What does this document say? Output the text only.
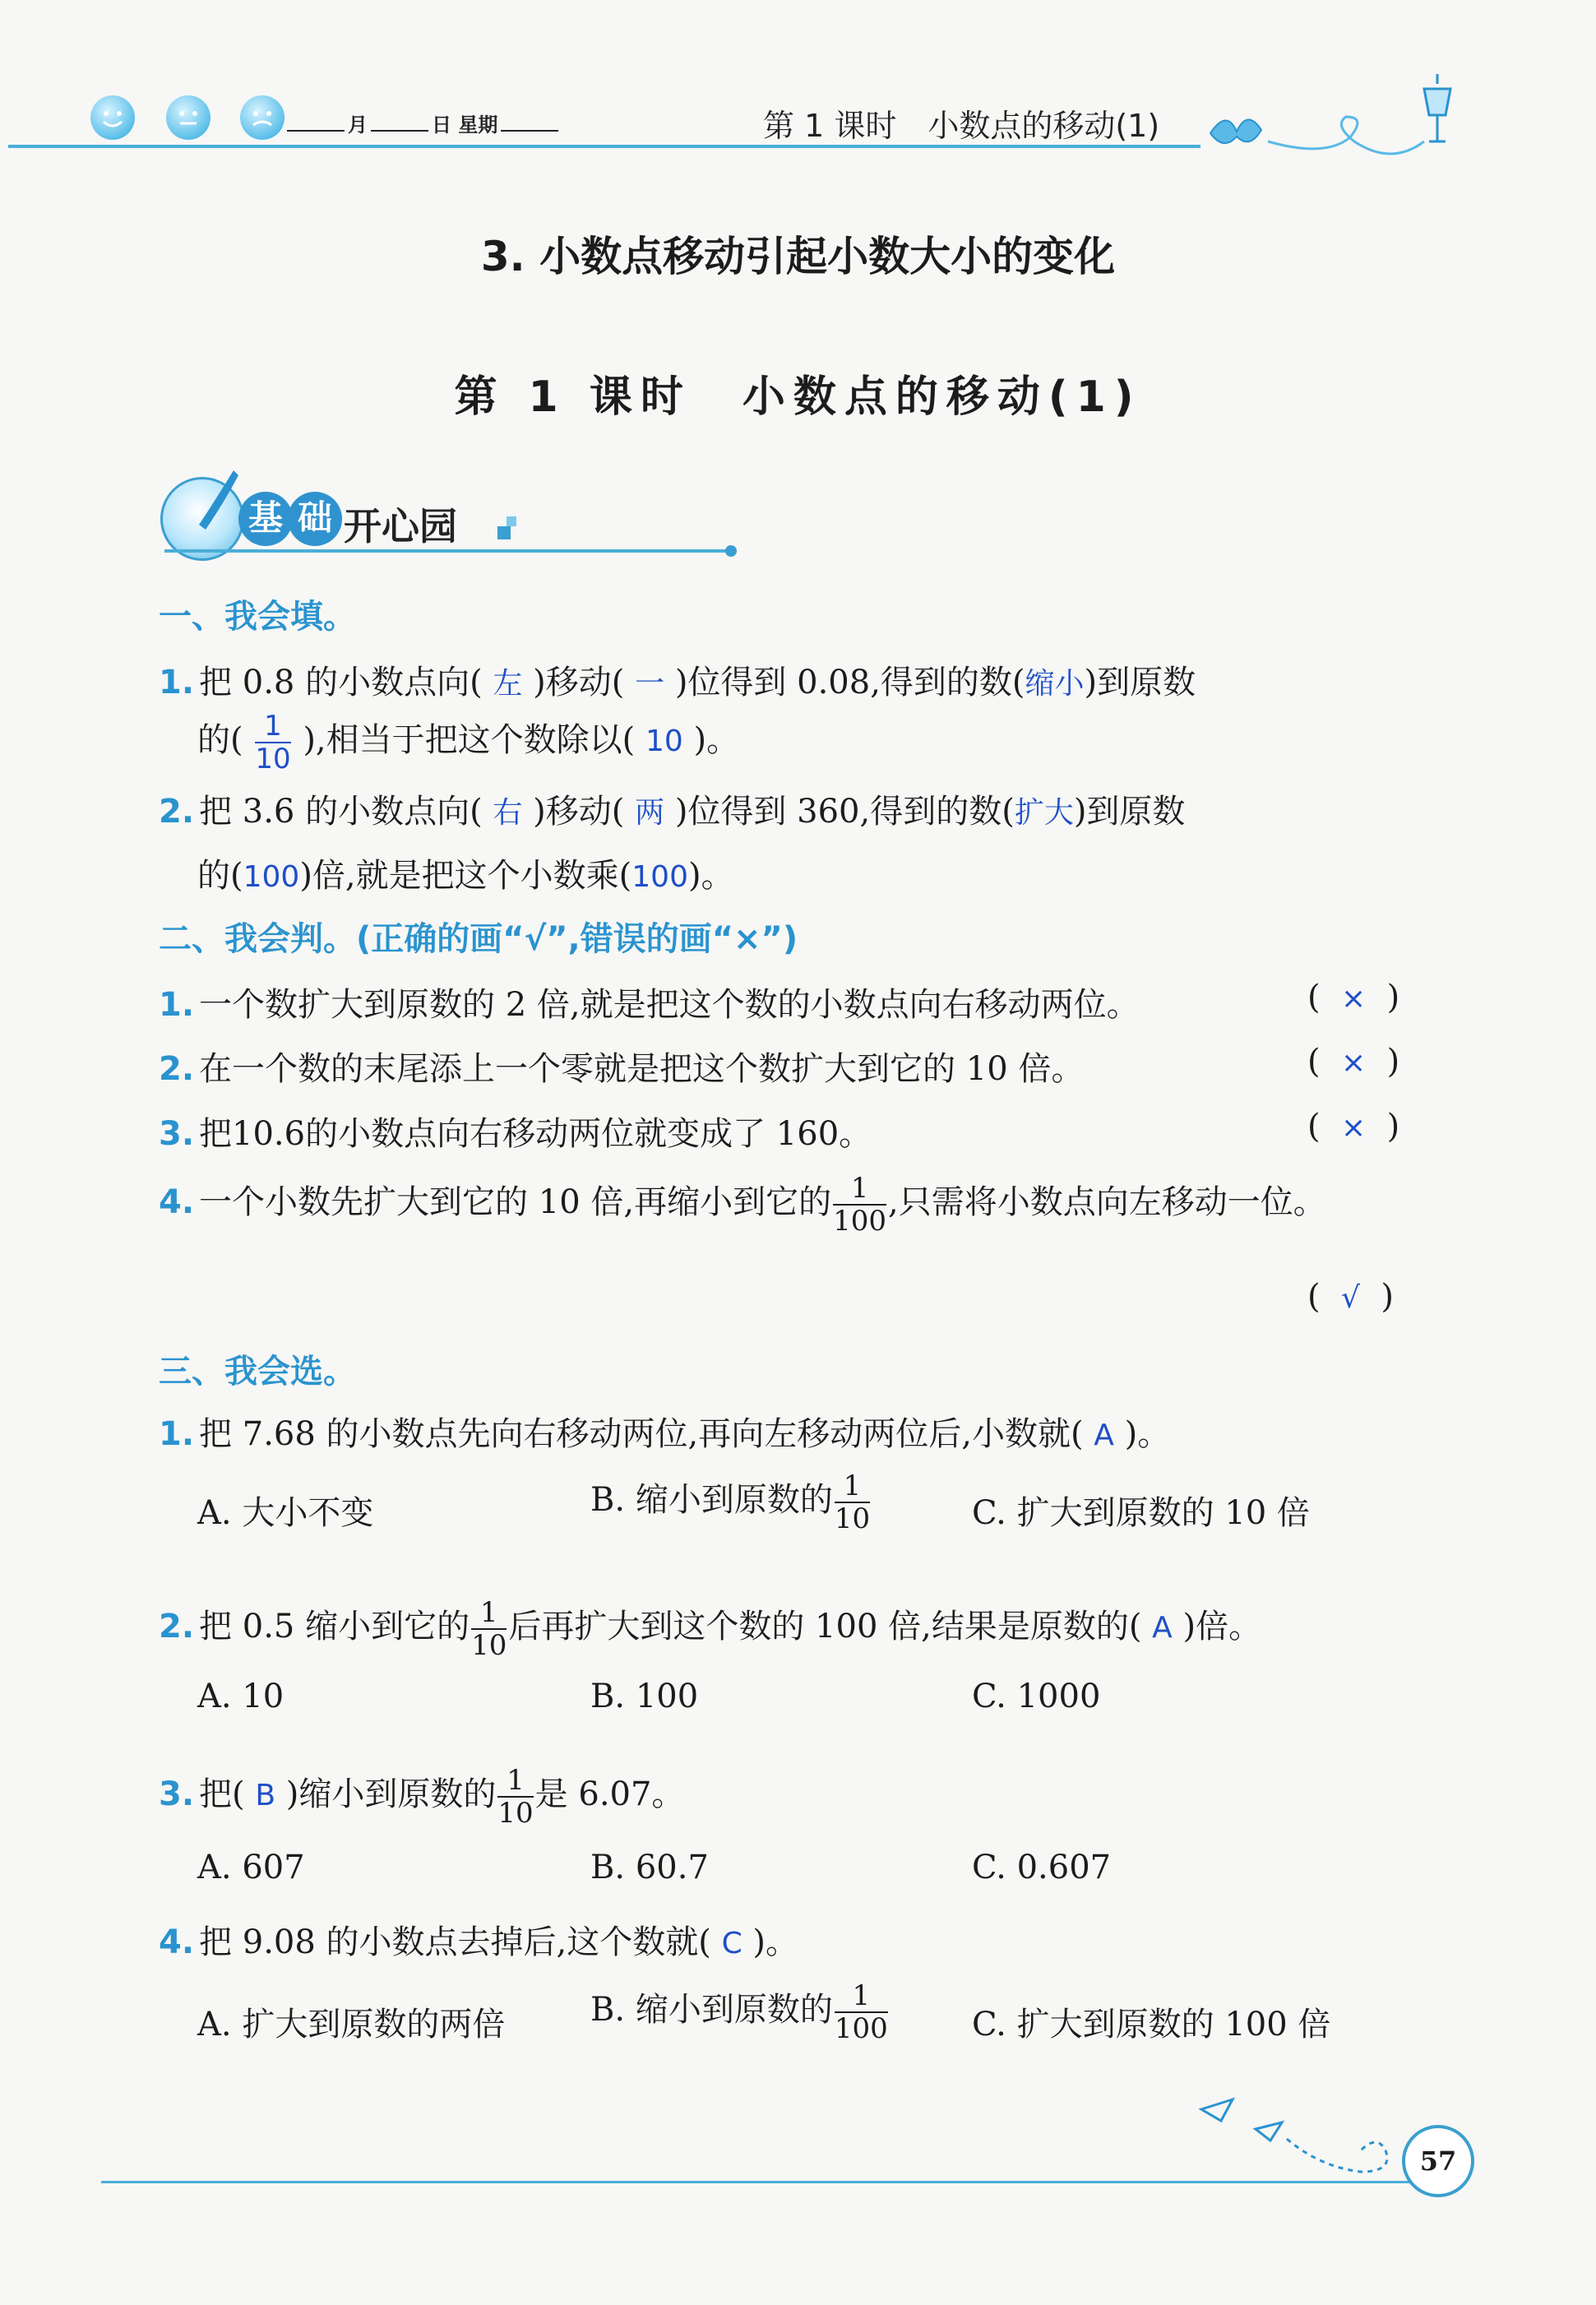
月	日 星期	第 1 课时　小数点的移动(1)
3. 小数点移动引起小数大小的变化
第 1 课时　小数点的移动(1)
基 础 开心园
一、我会填。
1. 把 0.8 的小数点向( 左 )移动( 一 )位得到 0.08,得到的数(缩小)到原数
的( $\frac{1}{10}$ ),相当于把这个数除以( 10 )。
2. 把 3.6 的小数点向( 右 )移动( 两 )位得到 360,得到的数(扩大)到原数
的(100)倍,就是把这个小数乘(100)。
二、我会判。(正确的画“√”,错误的画“×”)
1. 一个数扩大到原数的 2 倍,就是把这个数的小数点向右移动两位。	(  ×  )
2. 在一个数的末尾添上一个零就是把这个数扩大到它的 10 倍。	(  ×  )
3. 把10.6的小数点向右移动两位就变成了 160。	(  ×  )
4. 一个小数先扩大到它的 10 倍,再缩小到它的 $\frac{1}{100}$ ,只需将小数点向左移动一位。
(  √  )
三、我会选。
1. 把 7.68 的小数点先向右移动两位,再向左移动两位后,小数就( A )。
A. 大小不变	B. 缩小到原数的 $\frac{1}{10}$	C. 扩大到原数的 10 倍
2. 把 0.5 缩小到它的 $\frac{1}{10}$ 后再扩大到这个数的 100 倍,结果是原数的( A )倍。
A. 10	B. 100	C. 1000
3. 把( B )缩小到原数的 $\frac{1}{10}$ 是 6.07。
A. 607	B. 60.7	C. 0.607
4. 把 9.08 的小数点去掉后,这个数就( C )。
A. 扩大到原数的两倍	B. 缩小到原数的 $\frac{1}{100}$	C. 扩大到原数的 100 倍
57
